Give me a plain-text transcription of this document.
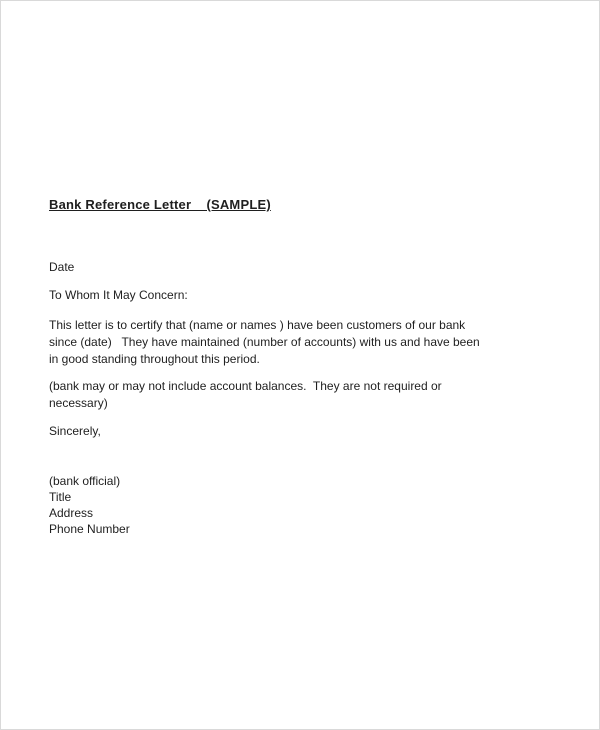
Bank Reference Letter    (SAMPLE)
Date
To Whom It May Concern:
This letter is to certify that (name or names ) have been customers of our bank
since (date)   They have maintained (number of accounts) with us and have been
in good standing throughout this period.
(bank may or may not include account balances.  They are not required or
necessary)
Sincerely,
(bank official)
Title
Address
Phone Number
